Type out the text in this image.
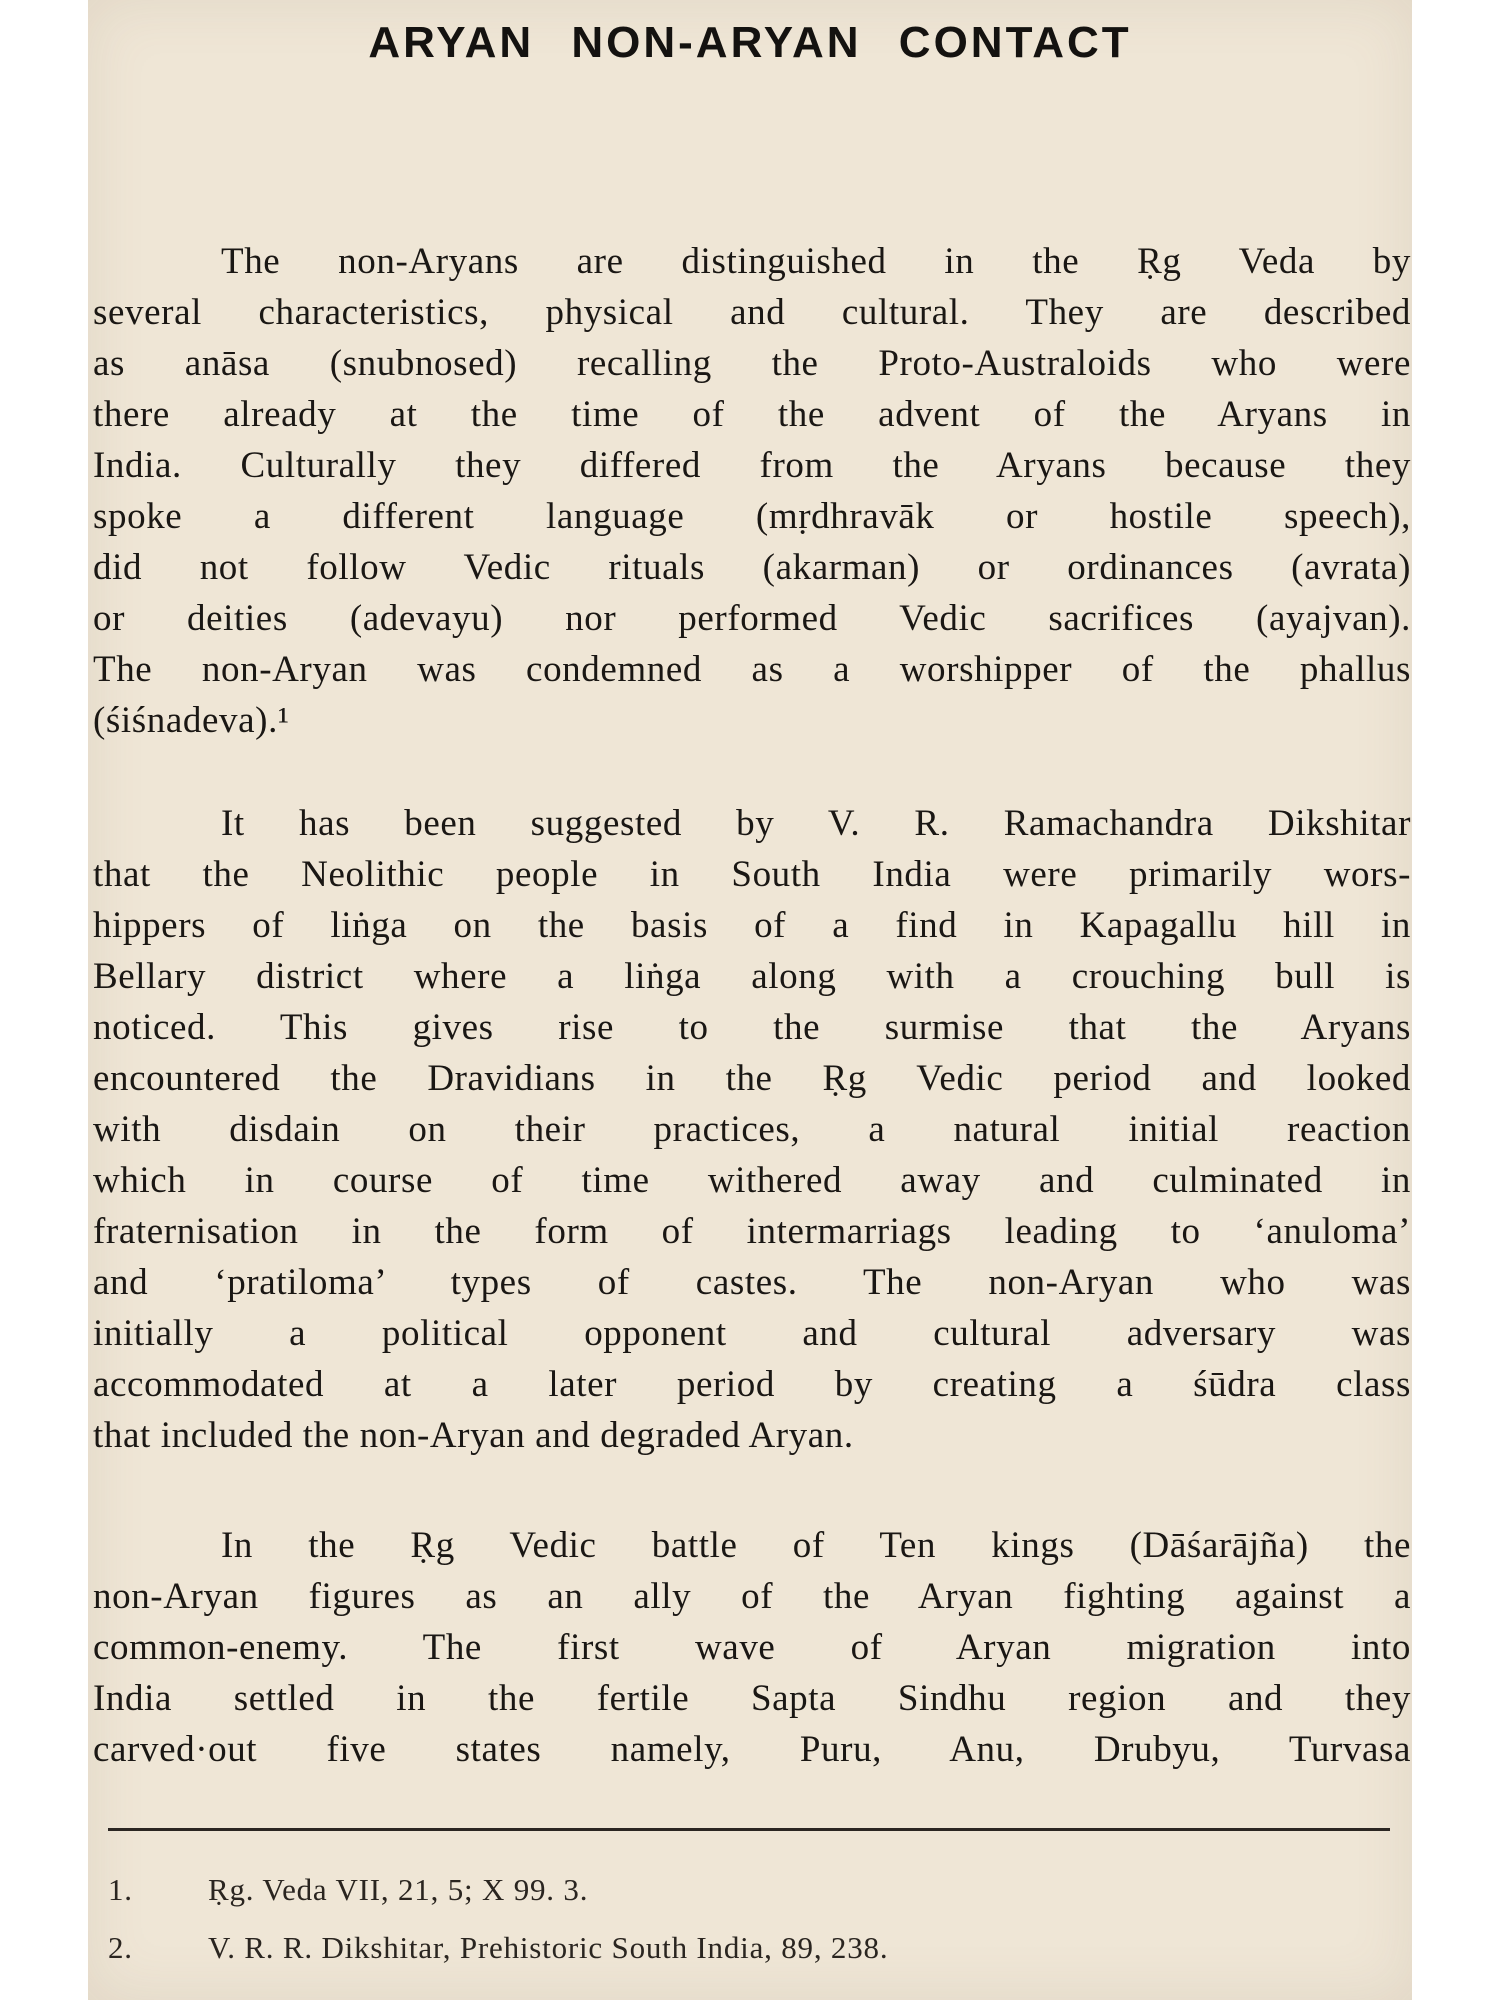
ARYAN NON-ARYAN CONTACT

The non-Aryans are distinguished in the Ṛg Veda by
several characteristics, physical and cultural. They are described
as anāsa (snubnosed) recalling the Proto-Australoids who were
there already at the time of the advent of the Aryans in
India. Culturally they differed from the Aryans because they
spoke a different language (mṛdhravāk or hostile speech),
did not follow Vedic rituals (akarman) or ordinances (avrata)
or deities (adevayu) nor performed Vedic sacrifices (ayajvan).
The non-Aryan was condemned as a worshipper of the phallus
(śiśnadeva).¹

It has been suggested by V. R. Ramachandra Dikshitar
that the Neolithic people in South India were primarily wors-
hippers of liṅga on the basis of a find in Kapagallu hill in
Bellary district where a liṅga along with a crouching bull is
noticed. This gives rise to the surmise that the Aryans
encountered the Dravidians in the Ṛg Vedic period and looked
with disdain on their practices, a natural initial reaction
which in course of time withered away and culminated in
fraternisation in the form of intermarriags leading to ‘anuloma’
and ‘pratiloma’ types of castes. The non-Aryan who was
initially a political opponent and cultural adversary was
accommodated at a later period by creating a śūdra class
that included the non-Aryan and degraded Aryan.

In the Ṛg Vedic battle of Ten kings (Dāśarājña) the
non-Aryan figures as an ally of the Aryan fighting against a
common-enemy. The first wave of Aryan migration into
India settled in the fertile Sapta Sindhu region and they
carved·out five states namely, Puru, Anu, Drubyu, Turvasa

1. Ṛg. Veda VII, 21, 5; X 99. 3.
2. V. R. R. Dikshitar, Prehistoric South India, 89, 238.
